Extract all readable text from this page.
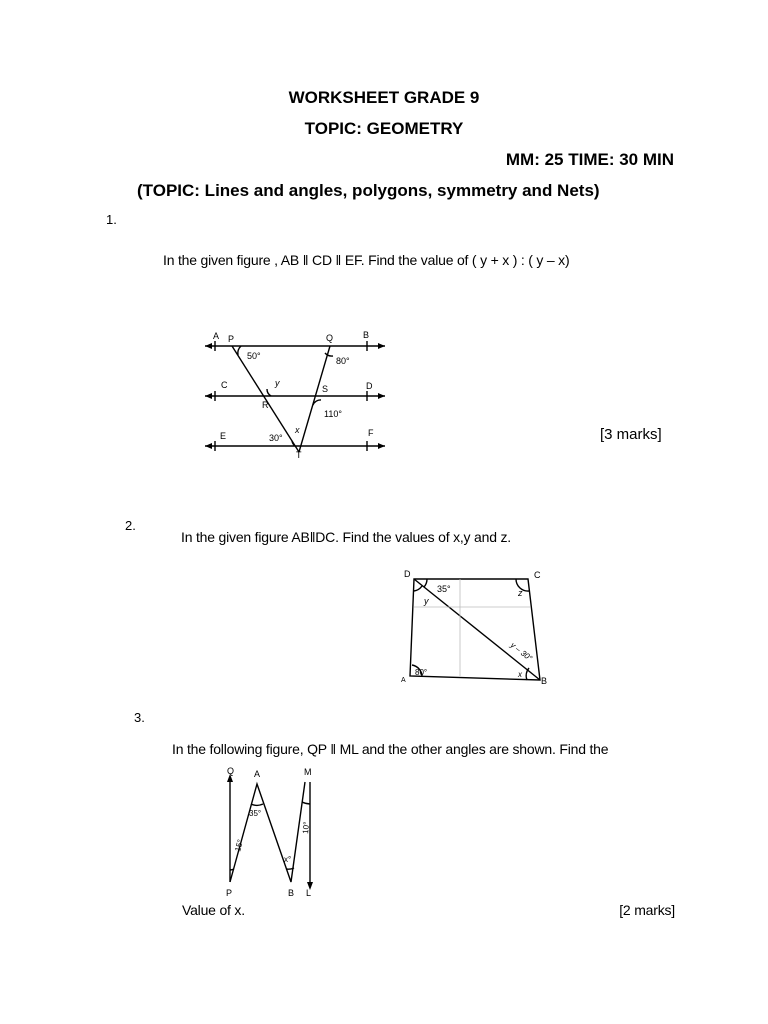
WORKSHEET GRADE 9
TOPIC: GEOMETRY
MM: 25 TIME: 30 MIN
(TOPIC: Lines and angles, polygons, symmetry and Nets)
1.
In the given figure , AB ‖ CD ‖ EF. Find the value of ( y + x ) : ( y – x)
[3 marks]
A P	Q	B
C	y
S	D
R
x
E
T
F
50°	80°
110°
30°
2.
In the given figure AB‖DC. Find the values of x,y and z.
D	C
A	B
35°
y
z
y – 30°
80°	x
3.
In the following figure, QP ‖ ML and the other angles are shown. Find the
Q A	M
P	B L
35°
15°
10°
x°
Value of x.	[2 marks]
